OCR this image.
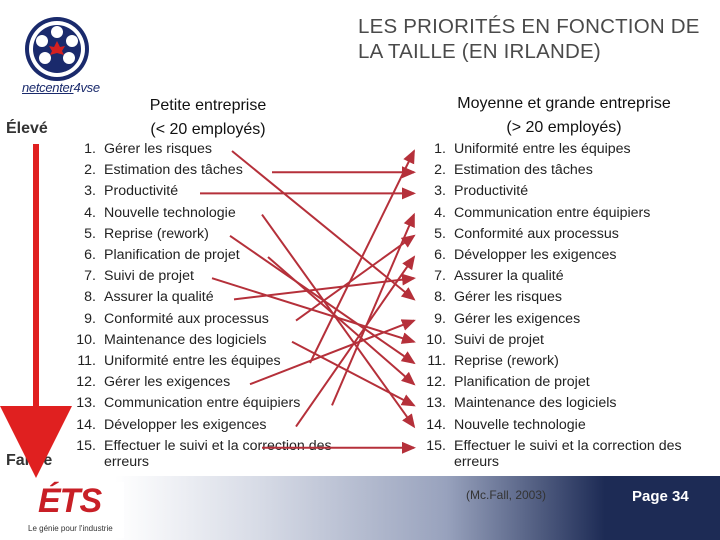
LES PRIORITÉS EN FONCTION DE LA TAILLE (EN IRLANDE)
netcenter4vse
Petite entreprise
(< 20 employés)
Moyenne et grande entreprise
(> 20 employés)
Élevé
Faible
1. Gérer les risques
2. Estimation des tâches
3. Productivité
4. Nouvelle technologie
5. Reprise (rework)
6. Planification de projet
7. Suivi de projet
8. Assurer la qualité
9. Conformité aux processus
10. Maintenance des logiciels
11. Uniformité entre les équipes
12. Gérer les exigences
13. Communication entre équipiers
14. Développer les exigences
15. Effectuer le suivi et la correction des
erreurs
1. Uniformité entre les équipes
2. Estimation des tâches
3. Productivité
4. Communication entre équipiers
5. Conformité aux processus
6. Développer les exigences
7. Assurer la qualité
8. Gérer les risques
9. Gérer les exigences
10. Suivi de projet
11. Reprise (rework)
12. Planification de projet
13. Maintenance des logiciels
14. Nouvelle technologie
15. Effectuer le suivi et la correction des
erreurs
ÉTS
Le génie pour l'industrie
(Mc.Fall, 2003)	Page 34
